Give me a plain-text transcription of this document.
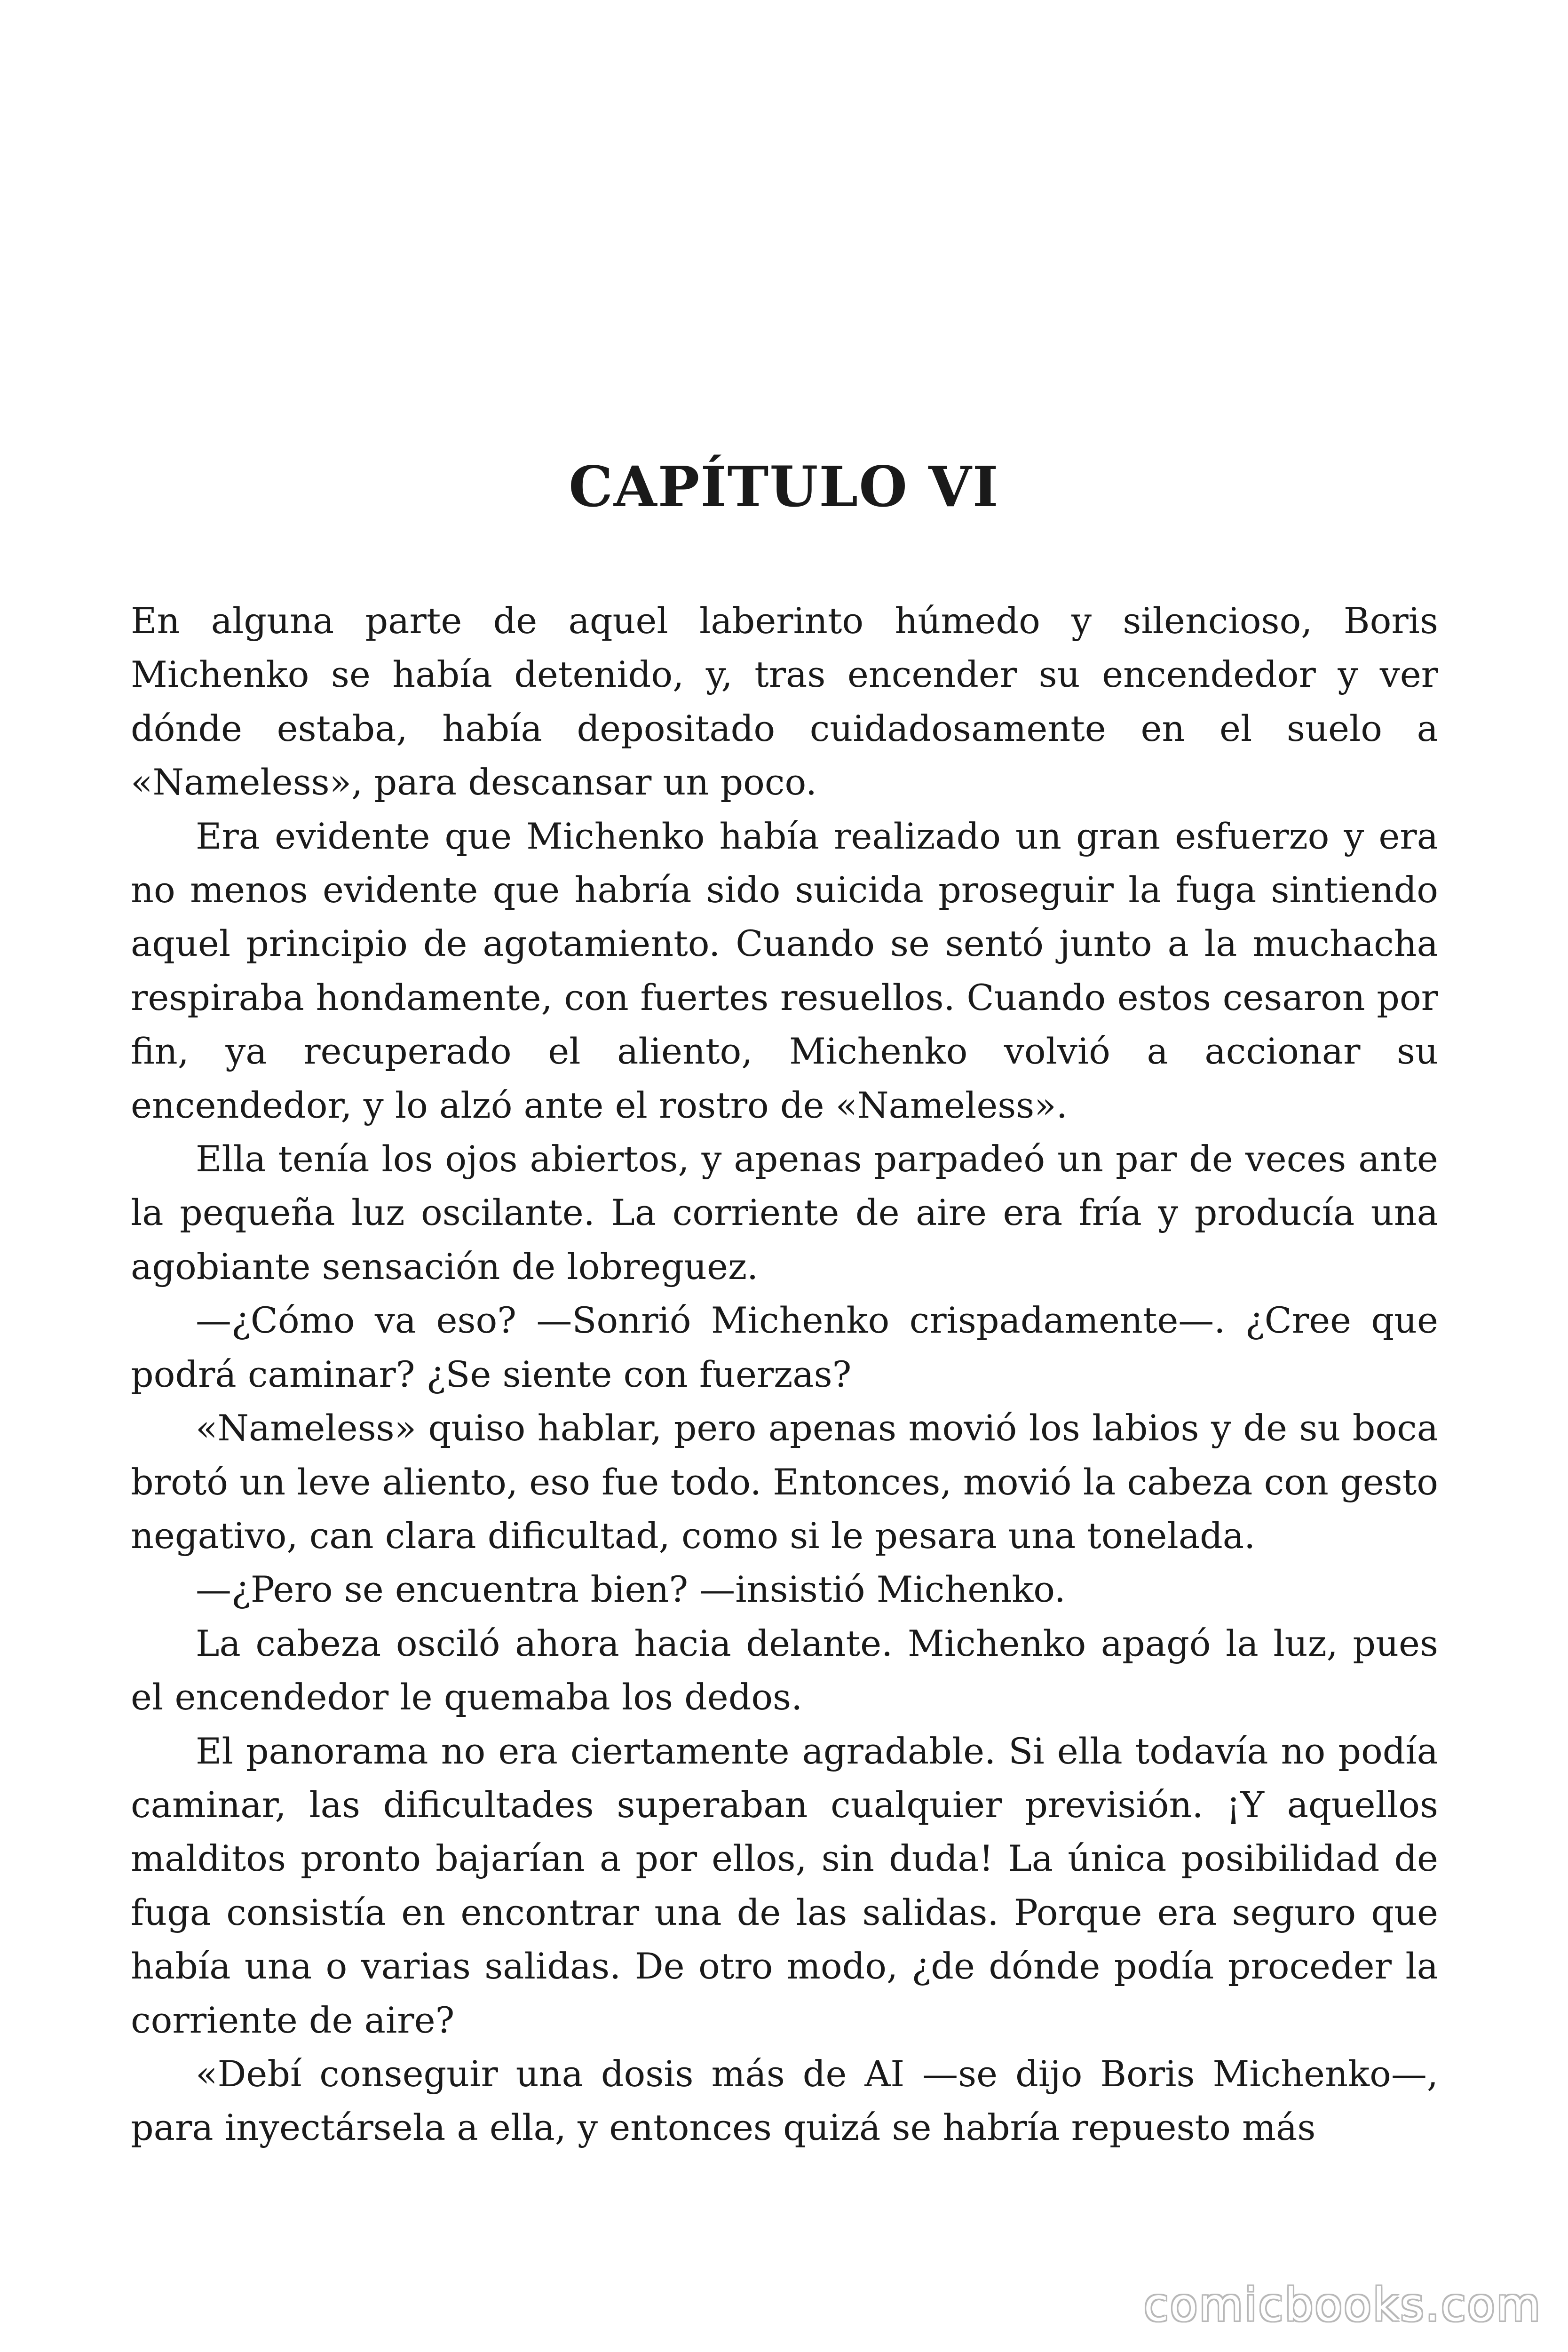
CAPÍTULO VI

En alguna parte de aquel laberinto húmedo y silencioso, Boris Michenko se había detenido, y, tras encender su encendedor y ver dónde estaba, había depositado cuidadosamente en el suelo a «Nameless», para descansar un poco.

Era evidente que Michenko había realizado un gran esfuerzo y era no menos evidente que habría sido suicida proseguir la fuga sintiendo aquel principio de agotamiento. Cuando se sentó junto a la muchacha respiraba hondamente, con fuertes resuellos. Cuando estos cesaron por fin, ya recuperado el aliento, Michenko volvió a accionar su encendedor, y lo alzó ante el rostro de «Nameless».

Ella tenía los ojos abiertos, y apenas parpadeó un par de veces ante la pequeña luz oscilante. La corriente de aire era fría y producía una agobiante sensación de lobreguez.

—¿Cómo va eso? —Sonrió Michenko crispadamente—. ¿Cree que podrá caminar? ¿Se siente con fuerzas?

«Nameless» quiso hablar, pero apenas movió los labios y de su boca brotó un leve aliento, eso fue todo. Entonces, movió la cabeza con gesto negativo, can clara dificultad, como si le pesara una tonelada.

—¿Pero se encuentra bien? —insistió Michenko.

La cabeza osciló ahora hacia delante. Michenko apagó la luz, pues el encendedor le quemaba los dedos.

El panorama no era ciertamente agradable. Si ella todavía no podía caminar, las dificultades superaban cualquier previsión. ¡Y aquellos malditos pronto bajarían a por ellos, sin duda! La única posibilidad de fuga consistía en encontrar una de las salidas. Porque era seguro que había una o varias salidas. De otro modo, ¿de dónde podía proceder la corriente de aire?

«Debí conseguir una dosis más de AI —se dijo Boris Michenko—, para inyectársela a ella, y entonces quizá se habría repuesto más

comicbooks.com
